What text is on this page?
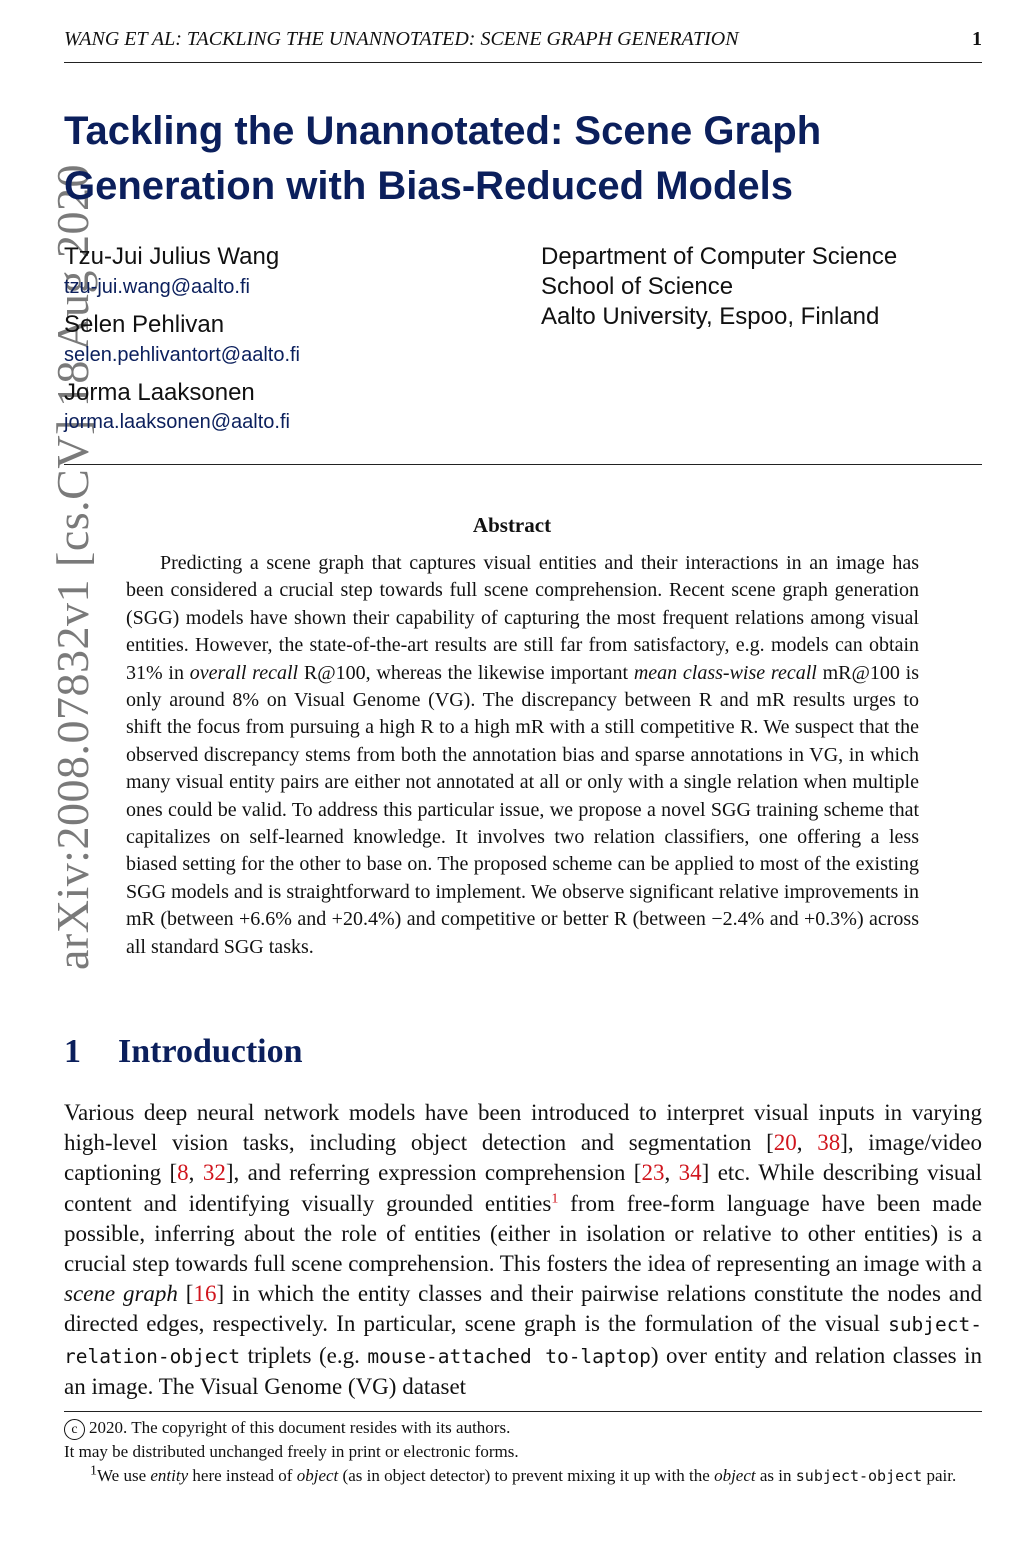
WANG ET AL: TACKLING THE UNANNOTATED: SCENE GRAPH GENERATION	1
arXiv:2008.07832v1 [cs.CV] 18 Aug 2020
Tackling the Unannotated: Scene Graph
Generation with Bias-Reduced Models
Tzu-Jui Julius Wang
tzu-jui.wang@aalto.fi
Selen Pehlivan
selen.pehlivantort@aalto.fi
Jorma Laaksonen
jorma.laaksonen@aalto.fi
Department of Computer Science
School of Science
Aalto University, Espoo, Finland
Abstract
Predicting a scene graph that captures visual entities and their interactions in an image has been considered a crucial step towards full scene comprehension. Recent scene graph generation (SGG) models have shown their capability of capturing the most frequent relations among visual entities. However, the state-of-the-art results are still far from satisfactory, e.g. models can obtain 31% in overall recall R@100, whereas the likewise important mean class-wise recall mR@100 is only around 8% on Visual Genome (VG). The discrepancy between R and mR results urges to shift the focus from pursuing a high R to a high mR with a still competitive R. We suspect that the observed discrepancy stems from both the annotation bias and sparse annotations in VG, in which many visual entity pairs are either not annotated at all or only with a single relation when multiple ones could be valid. To address this particular issue, we propose a novel SGG training scheme that capitalizes on self-learned knowledge. It involves two relation classifiers, one offering a less biased setting for the other to base on. The proposed scheme can be applied to most of the existing SGG models and is straightforward to implement. We observe significant relative improvements in mR (between +6.6% and +20.4%) and competitive or better R (between −2.4% and +0.3%) across all standard SGG tasks.
1 Introduction
Various deep neural network models have been introduced to interpret visual inputs in varying high-level vision tasks, including object detection and segmentation [20, 38], image/video captioning [8, 32], and referring expression comprehension [23, 34] etc. While describing visual content and identifying visually grounded entities$^1$ from free-form language have been made possible, inferring about the role of entities (either in isolation or relative to other entities) is a crucial step towards full scene comprehension. This fosters the idea of representing an image with a scene graph [16] in which the entity classes and their pairwise relations constitute the nodes and directed edges, respectively. In particular, scene graph is the formulation of the visual subject-relation-object triplets (e.g. mouse-attached to-laptop) over entity and relation classes in an image. The Visual Genome (VG) dataset
c 2020. The copyright of this document resides with its authors.
It may be distributed unchanged freely in print or electronic forms.
$^1$We use entity here instead of object (as in object detector) to prevent mixing it up with the object as in subject-object pair.
